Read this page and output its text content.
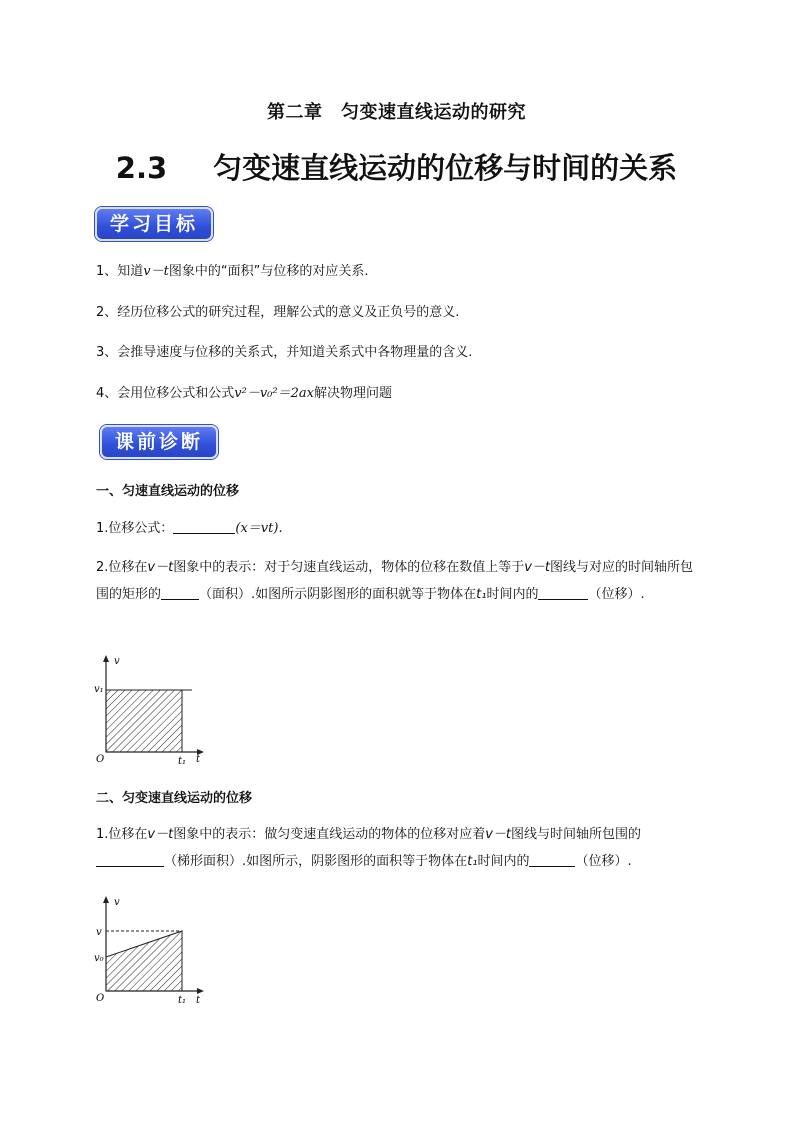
第二章　匀变速直线运动的研究
2.3 匀变速直线运动的位移与时间的关系
学习目标
1、知道v－t图象中的“面积”与位移的对应关系.
2、经历位移公式的研究过程，理解公式的意义及正负号的意义.
3、会推导速度与位移的关系式，并知道关系式中各物理量的含义.
4、会用位移公式和公式v²－v₀²＝2ax解决物理问题
课前诊断
一、匀速直线运动的位移
1.位移公式：	(x＝vt).
2.位移在v－t图象中的表示：对于匀速直线运动，物体的位移在数值上等于v－t图线与对应的时间轴所包围的矩形的	（面积）.如图所示阴影图形的面积就等于物体在t₁时间内的	（位移）.
v
t
O
v₁
t₁
二、匀变速直线运动的位移
1.位移在v－t图象中的表示：做匀变速直线运动的物体的位移对应着v－t图线与时间轴所包围的（梯形面积）.如图所示，阴影图形的面积等于物体在t₁时间内的	（位移）.
v
t
O
v
v₀
t₁
